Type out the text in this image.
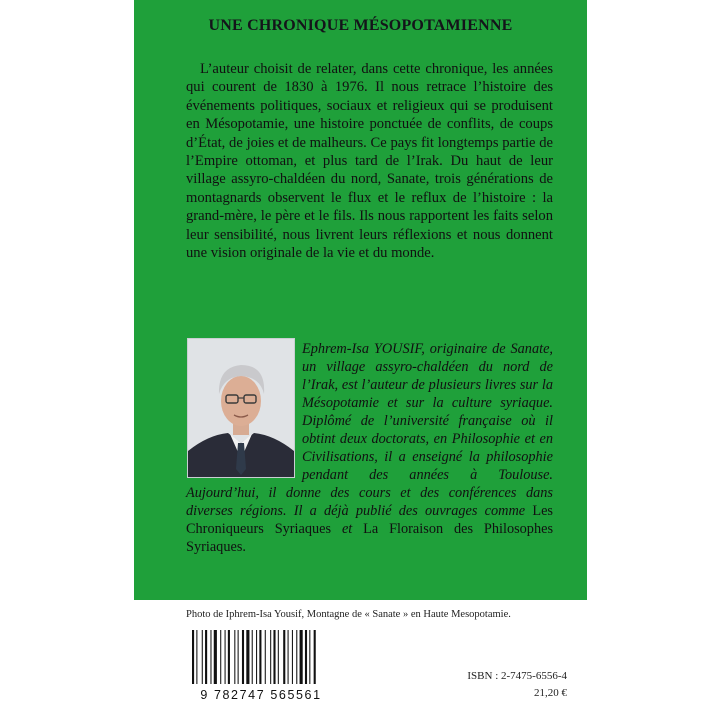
UNE CHRONIQUE MÉSOPOTAMIENNE

L’auteur choisit de relater, dans cette chronique, les années qui courent de 1830 à 1976. Il nous retrace l’histoire des événements politiques, sociaux et religieux qui se produisent en Mésopotamie, une histoire ponctuée de conflits, de coups d’État, de joies et de malheurs. Ce pays fit longtemps partie de l’Empire ottoman, et plus tard de l’Irak. Du haut de leur village assyro-chaldéen du nord, Sanate, trois générations de montagnards observent le flux et le reflux de l’histoire : la grand-mère, le père et le fils. Ils nous rapportent les faits selon leur sensibilité, nous livrent leurs réflexions et nous donnent une vision originale de la vie et du monde.

Ephrem-Isa YOUSIF, originaire de Sanate, un village assyro-chaldéen du nord de l’Irak, est l’auteur de plusieurs livres sur la Mésopotamie et sur la culture syriaque. Diplômé de l’université française où il obtint deux doctorats, en Philosophie et en Civilisations, il a enseigné la philosophie pendant des années à Toulouse. Aujourd’hui, il donne des cours et des conférences dans diverses régions. Il a déjà publié des ouvrages comme Les Chroniqueurs Syriaques et La Floraison des Philosophes Syriaques.

Photo de Iphrem-Isa Yousif, Montagne de « Sanate » en Haute Mesopotamie.
9 782747 565561
ISBN : 2-7475-6556-4
21,20 €
